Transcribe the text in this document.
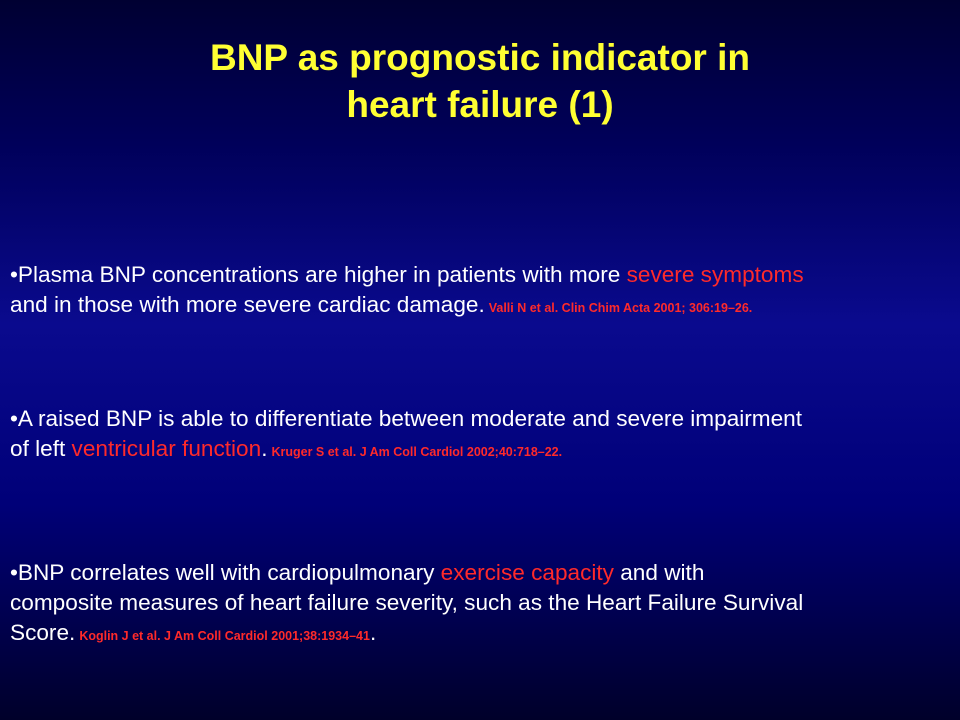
BNP as prognostic indicator in
heart failure (1)
•Plasma BNP concentrations are higher in patients with more severe symptoms
and in those with more severe cardiac damage. Valli N et al. Clin Chim Acta 2001; 306:19–26.
•A raised BNP is able to differentiate between moderate and severe impairment
of left ventricular function. Kruger S et al. J Am Coll Cardiol 2002;40:718–22.
•BNP correlates well with cardiopulmonary exercise capacity and with
composite measures of heart failure severity, such as the Heart Failure Survival
Score. Koglin J et al. J Am Coll Cardiol 2001;38:1934–41.
